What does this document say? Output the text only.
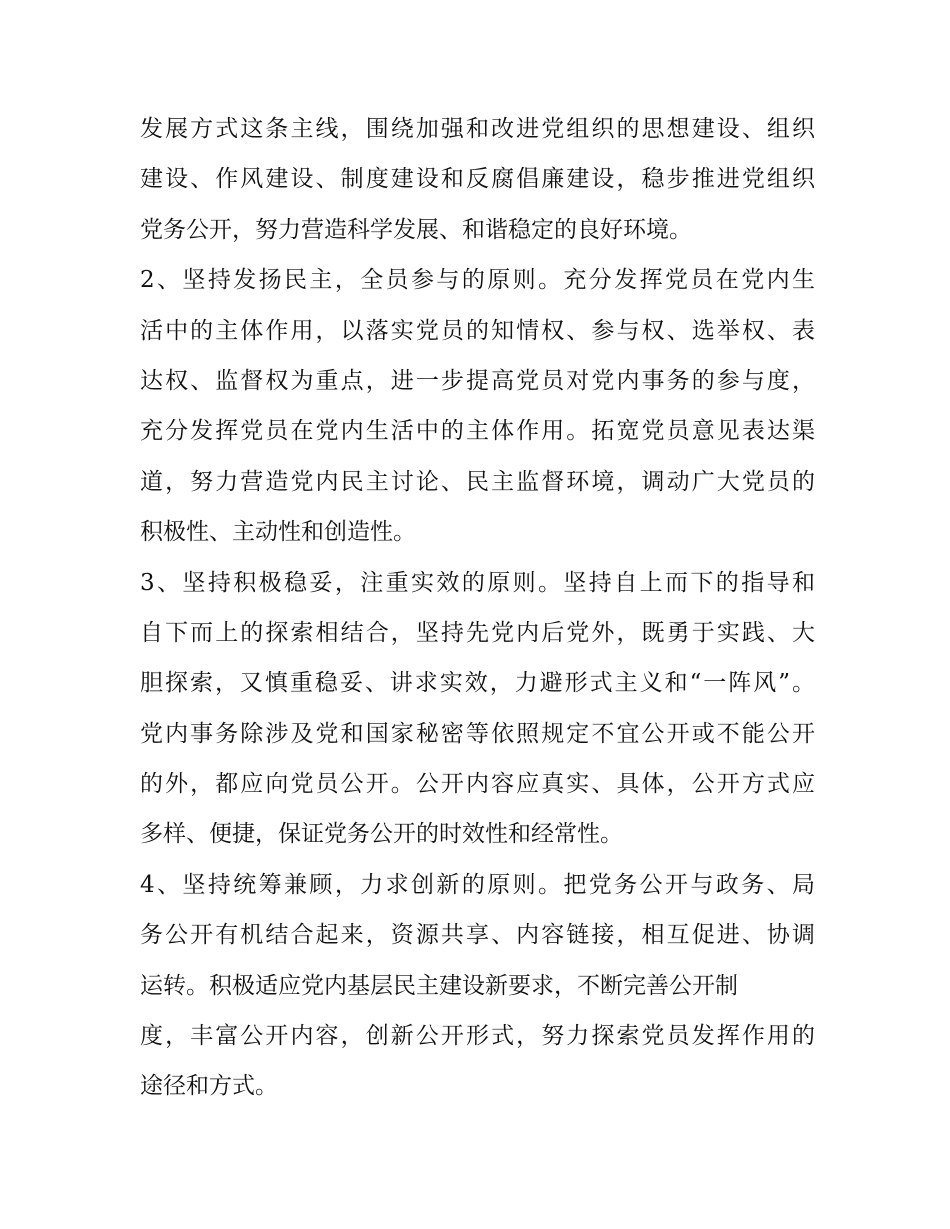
发展方式这条主线，围绕加强和改进党组织的思想建设、组织
建设、作风建设、制度建设和反腐倡廉建设，稳步推进党组织
党务公开，努力营造科学发展、和谐稳定的良好环境。
2、坚持发扬民主，全员参与的原则。充分发挥党员在党内生
活中的主体作用，以落实党员的知情权、参与权、选举权、表
达权、监督权为重点，进一步提高党员对党内事务的参与度，
充分发挥党员在党内生活中的主体作用。拓宽党员意见表达渠
道，努力营造党内民主讨论、民主监督环境，调动广大党员的
积极性、主动性和创造性。
3、坚持积极稳妥，注重实效的原则。坚持自上而下的指导和
自下而上的探索相结合，坚持先党内后党外，既勇于实践、大
胆探索，又慎重稳妥、讲求实效，力避形式主义和“一阵风”。
党内事务除涉及党和国家秘密等依照规定不宜公开或不能公开
的外，都应向党员公开。公开内容应真实、具体，公开方式应
多样、便捷，保证党务公开的时效性和经常性。
4、坚持统筹兼顾，力求创新的原则。把党务公开与政务、局
务公开有机结合起来，资源共享、内容链接，相互促进、协调
运转。积极适应党内基层民主建设新要求，不断完善公开制
度，丰富公开内容，创新公开形式，努力探索党员发挥作用的
途径和方式。
